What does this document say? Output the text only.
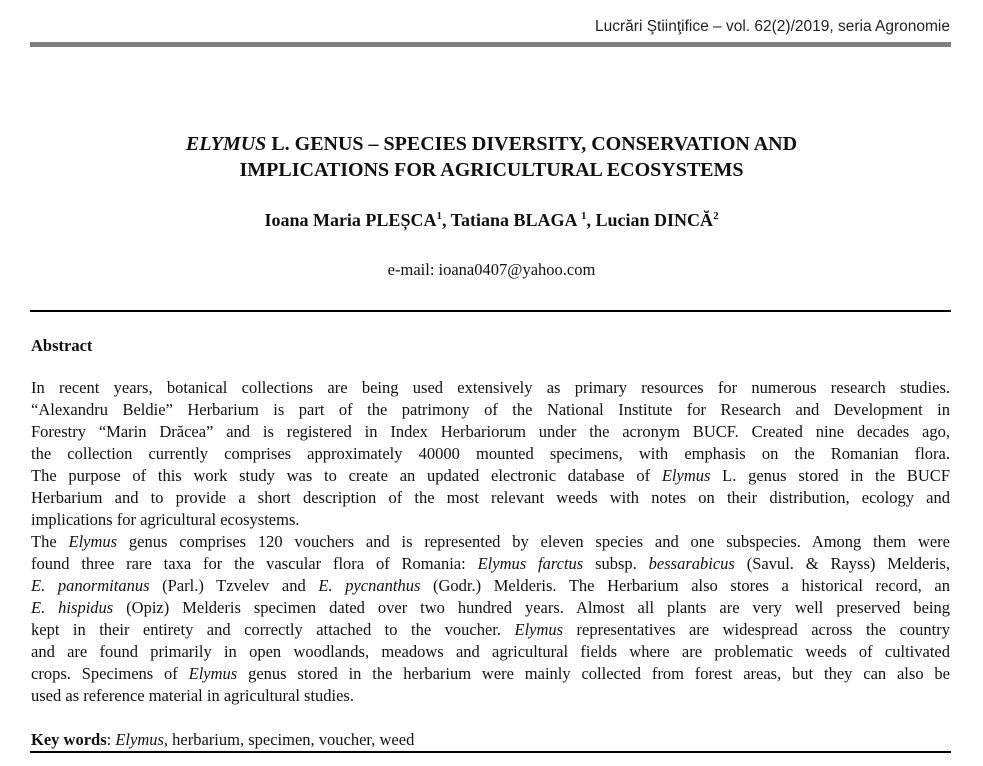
Lucrări Ştiinţifice – vol. 62(2)/2019, seria Agronomie
ELYMUS L. GENUS – SPECIES DIVERSITY, CONSERVATION AND
IMPLICATIONS FOR AGRICULTURAL ECOSYSTEMS
Ioana Maria PLEȘCA$^1$, Tatiana BLAGA $^1$, Lucian DINCĂ$^2$
e-mail: ioana0407@yahoo.com
Abstract
In recent years, botanical collections are being used extensively as primary resources for numerous research studies.
“Alexandru Beldie” Herbarium is part of the patrimony of the National Institute for Research and Development in
Forestry “Marin Drăcea” and is registered in Index Herbariorum under the acronym BUCF. Created nine decades ago,
the collection currently comprises approximately 40000 mounted specimens, with emphasis on the Romanian flora.
The purpose of this work study was to create an updated electronic database of Elymus L. genus stored in the BUCF
Herbarium and to provide a short description of the most relevant weeds with notes on their distribution, ecology and
implications for agricultural ecosystems.
The Elymus genus comprises 120 vouchers and is represented by eleven species and one subspecies. Among them were
found three rare taxa for the vascular flora of Romania: Elymus farctus subsp. bessarabicus (Savul. & Rayss) Melderis,
E. panormitanus (Parl.) Tzvelev and E. pycnanthus (Godr.) Melderis. The Herbarium also stores a historical record, an
E. hispidus (Opiz) Melderis specimen dated over two hundred years. Almost all plants are very well preserved being
kept in their entirety and correctly attached to the voucher. Elymus representatives are widespread across the country
and are found primarily in open woodlands, meadows and agricultural fields where are problematic weeds of cultivated
crops. Specimens of Elymus genus stored in the herbarium were mainly collected from forest areas, but they can also be
used as reference material in agricultural studies.
Key words: Elymus, herbarium, specimen, voucher, weed
